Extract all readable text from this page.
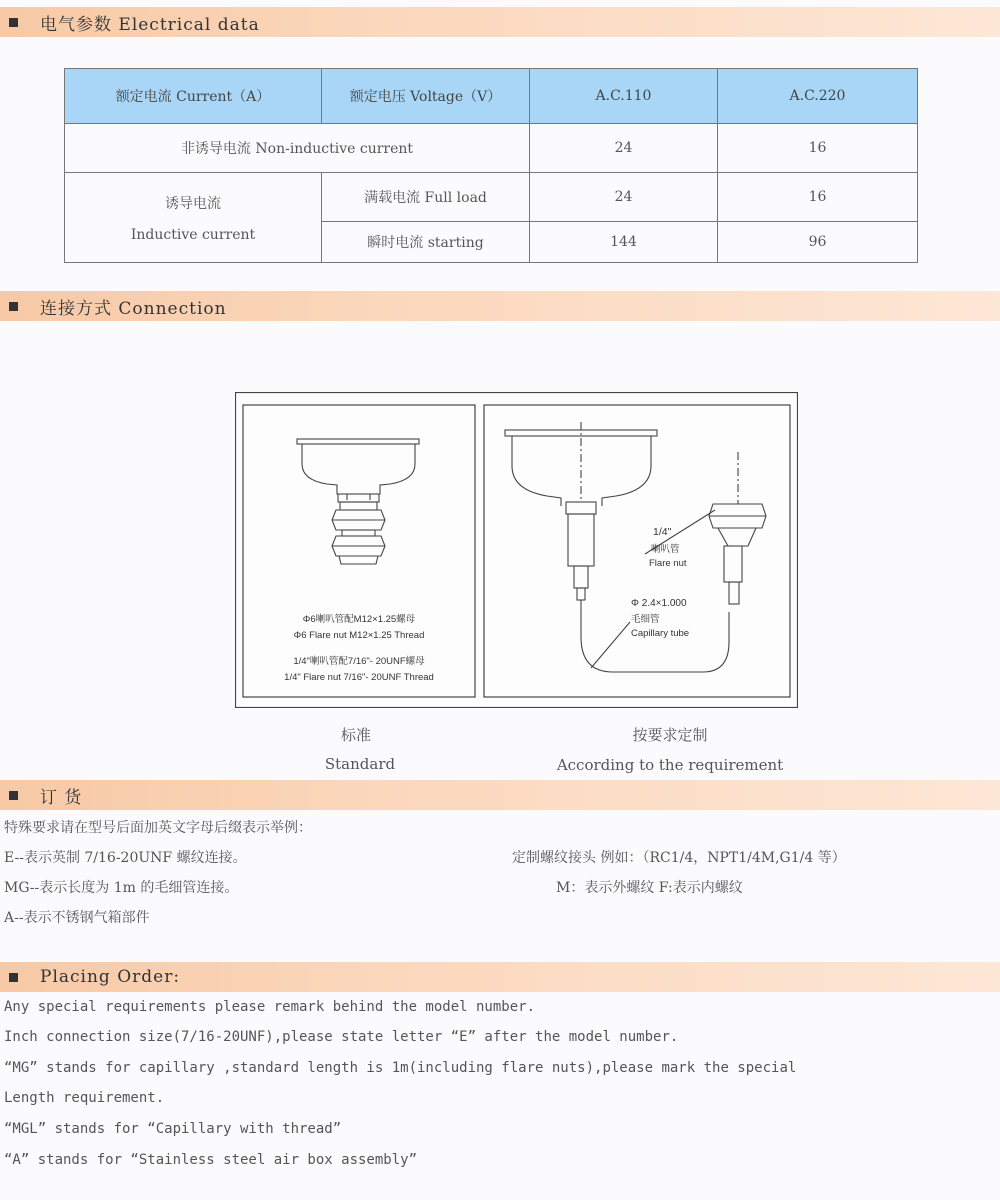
电气参数 Electrical data
额定电流 Current（A）	额定电压 Voltage（V）	A.C.110	A.C.220
非诱导电流 Non-inductive current		24	16

诱导电流
Inductive current	满载电流 Full load	24	16
	瞬时电流 starting	144	96
连接方式 Connection
Φ6喇叭管配M12×1.25螺母
Φ6 Flare nut M12×1.25 Thread
1/4"喇叭管配7/16"- 20UNF螺母
1/4" Flare nut 7/16"- 20UNF Thread
1/4"
喇叭管
Flare nut
Φ 2.4×1.000
毛细管
Capillary tube
标准
Standard
按要求定制
According to the requirement
订 货
特殊要求请在型号后面加英文字母后缀表示举例：
E--表示英制 7/16-20UNF 螺纹连接。
MG--表示长度为 1m 的毛细管连接。
A--表示不锈钢气箱部件
定制螺纹接头 例如：（RC1/4，NPT1/4M,G1/4 等）
M：表示外螺纹 F:表示内螺纹
Placing Order:
Any special requirements please remark behind the model number.
Inch connection size(7/16-20UNF),please state letter “E” after the model number.
“MG” stands for capillary ,standard length is 1m(including flare nuts),please mark the special
Length requirement.
“MGL” stands for “Capillary with thread”
“A” stands for “Stainless steel air box assembly”
